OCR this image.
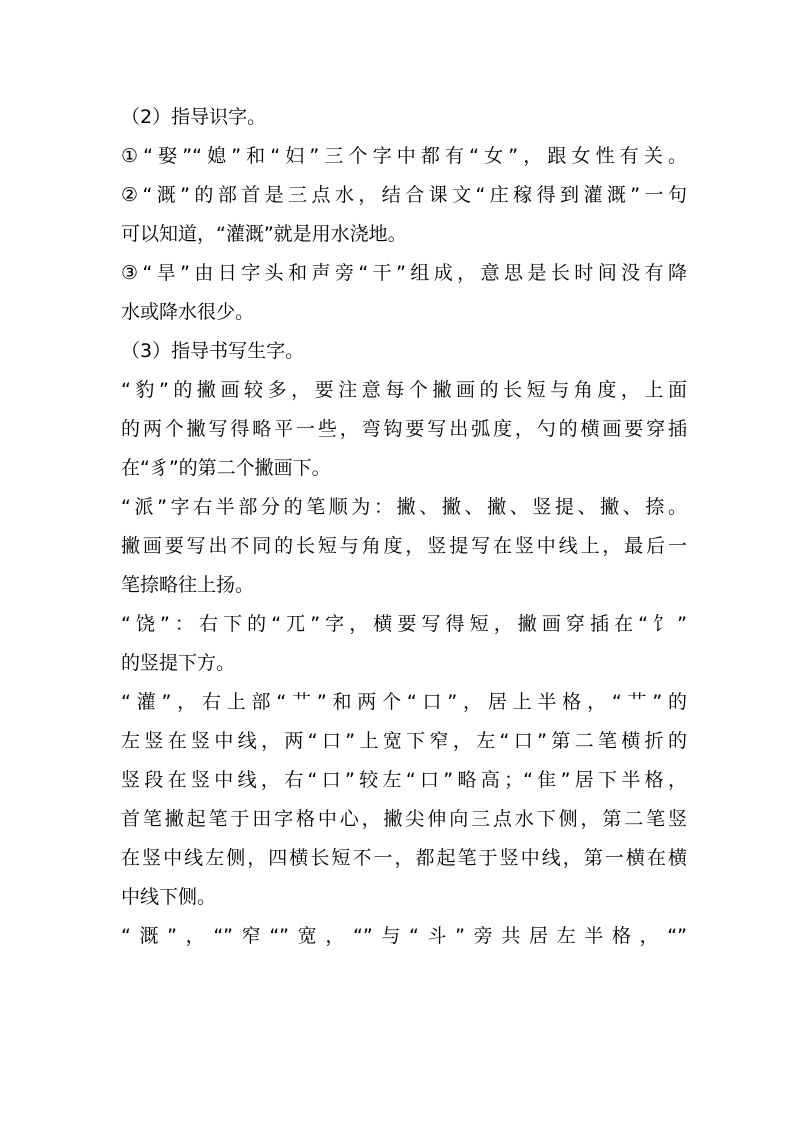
（2）指导识字。
①“娶”“媳”和“妇”三个字中都有“女”，跟女性有关。
②“溉”的部首是三点水，结合课文“庄稼得到灌溉”一句
可以知道，“灌溉”就是用水浇地。
③“旱”由日字头和声旁“干”组成，意思是长时间没有降
水或降水很少。
（3）指导书写生字。
“豹”的撇画较多，要注意每个撇画的长短与角度，上面
的两个撇写得略平一些，弯钩要写出弧度，勺的横画要穿插
在“豸”的第二个撇画下。
“派”字右半部分的笔顺为：撇、撇、撇、竖提、撇、捺。
撇画要写出不同的长短与角度，竖提写在竖中线上，最后一
笔捺略往上扬。
“饶”：右下的“兀”字，横要写得短，撇画穿插在“饣”
的竖提下方。
“灌”，右上部“艹”和两个“口”，居上半格，“艹”的
左竖在竖中线，两“口”上宽下窄，左“口”第二笔横折的
竖段在竖中线，右“口”较左“口”略高；“隹”居下半格，
首笔撇起笔于田字格中心，撇尖伸向三点水下侧，第二笔竖
在竖中线左侧，四横长短不一，都起笔于竖中线，第一横在横
中线下侧。
“溉”，“”窄“”宽，“”与“斗”旁共居左半格，“”
